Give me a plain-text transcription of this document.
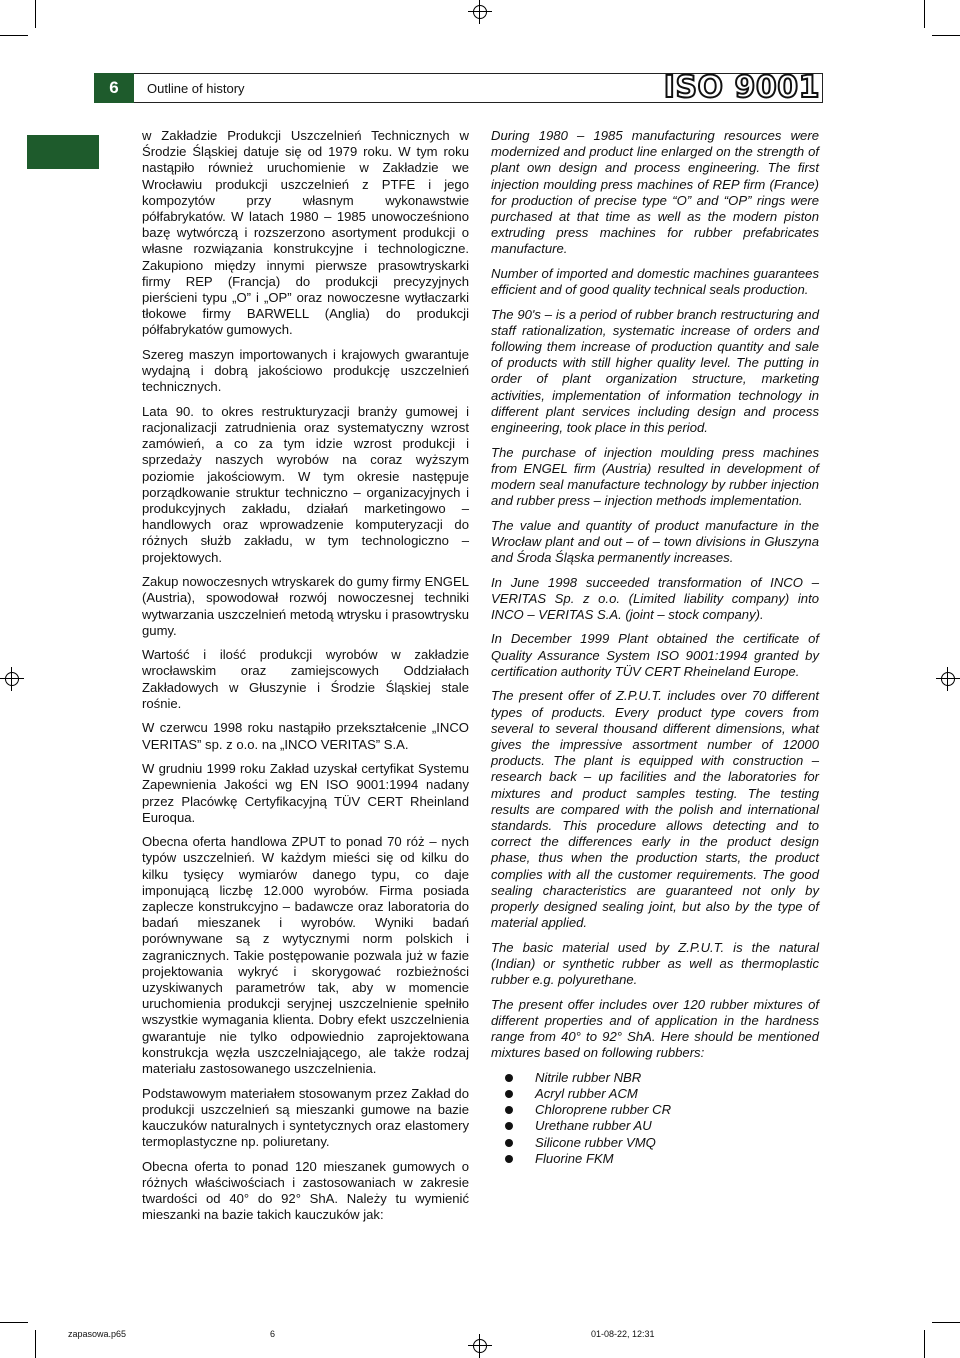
6	Outline of history	ISO 9001

w Zakładzie Produkcji Uszczelnień Technicznych w Środzie Śląskiej datuje się od 1979 roku. W tym roku nastąpiło również uruchomienie w Zakładzie we Wrocławiu produkcji uszczelnień z PTFE i jego kompozytów przy własnym wykonawstwie półfabrykatów. W latach 1980 – 1985 unowocześniono bazę wytwórczą i rozszerzono asortyment produkcji o własne rozwiązania konstrukcyjne i technologiczne. Zakupiono między innymi pierwsze prasowtryskarki firmy REP (Francja) do produkcji precyzyjnych pierścieni typu „O” i „OP” oraz nowoczesne wytłaczarki tłokowe firmy BARWELL (Anglia) do produkcji półfabrykatów gumowych.

Szereg maszyn importowanych i krajowych gwarantuje wydajną i dobrą jakościowo produkcję uszczelnień technicznych.

Lata 90. to okres restrukturyzacji branży gumowej i racjonalizacji zatrudnienia oraz systematyczny wzrost zamówień, a co za tym idzie wzrost produkcji i sprzedaży naszych wyrobów na coraz wyższym poziomie jakościowym. W tym okresie następuje porządkowanie struktur techniczno – organizacyjnych i produkcyjnych zakładu, działań marketingowo – handlowych oraz wprowadzenie komputeryzacji do różnych służb zakładu, w tym technologiczno – projektowych.

Zakup nowoczesnych wtryskarek do gumy firmy ENGEL (Austria), spowodował rozwój nowoczesnej techniki wytwarzania uszczelnień metodą wtrysku i prasowtrysku gumy.

Wartość i ilość produkcji wyrobów w zakładzie wrocławskim oraz zamiejscowych Oddziałach Zakładowych w Głuszynie i Środzie Śląskiej stale rośnie.

W czerwcu 1998 roku nastąpiło przekształcenie „INCO VERITAS” sp. z o.o. na „INCO VERITAS” S.A.

W grudniu 1999 roku Zakład uzyskał certyfikat Systemu Zapewnienia Jakości wg EN ISO 9001:1994 nadany przez Placówkę Certyfikacyjną TÜV CERT Rheinland Euroqua.

Obecna oferta handlowa ZPUT to ponad 70 róż – nych typów uszczelnień. W każdym mieści się od kilku do kilku tysięcy wymiarów danego typu, co daje imponującą liczbę 12.000 wyrobów. Firma posiada zaplecze konstrukcyjno – badawcze oraz laboratoria do badań mieszanek i wyrobów. Wyniki badań porównywane są z wytycznymi norm polskich i zagranicznych. Takie postępowanie pozwala już w fazie projektowania wykryć i skorygować rozbieżności uzyskiwanych parametrów tak, aby w momencie uruchomienia produkcji seryjnej uszczelnienie spełniło wszystkie wymagania klienta. Dobry efekt uszczelnienia gwarantuje nie tylko odpowiednio zaprojektowana konstrukcja węzła uszczelniającego, ale także rodzaj materiału zastosowanego uszczelnienia.

Podstawowym materiałem stosowanym przez Zakład do produkcji uszczelnień są mieszanki gumowe na bazie kauczuków naturalnych i syntetycznych oraz elastomery termoplastyczne np. poliuretany.

Obecna oferta to ponad 120 mieszanek gumowych o różnych właściwościach i zastosowaniach w zakresie twardości od 40° do 92° ShA. Należy tu wymienić mieszanki na bazie takich kauczuków jak:

During 1980 – 1985 manufacturing resources were modernized and product line enlarged on the strength of plant own design and process engineering. The first injection moulding press machines of REP firm (France) for production of precise type “O” and “OP” rings were purchased at that time as well as the modern piston extruding press machines for rubber prefabricates manufacture.

Number of imported and domestic machines guarantees efficient and of good quality technical seals production.

The 90's – is a period of rubber branch restructuring and staff rationalization, systematic increase of orders and following them increase of production quantity and sale of products with still higher quality level. The putting in order of plant organization structure, marketing activities, implementation of information technology in different plant services including design and process engineering, took place in this period.

The purchase of injection moulding press machines from ENGEL firm (Austria) resulted in development of modern seal manufacture technology by rubber injection and rubber press – injection methods implementation.

The value and quantity of product manufacture in the Wrocław plant and out – of – town divisions in Głuszyna and Środa Śląska permanently increases.

In June 1998 succeeded transformation of INCO – VERITAS Sp. z o.o. (Limited liability company) into INCO – VERITAS S.A. (joint – stock company).

In December 1999 Plant obtained the certificate of Quality Assurance System ISO 9001:1994 granted by certification authority TÜV CERT Rheineland Europe.

The present offer of Z.P.U.T. includes over 70 different types of products. Every product type covers from several to several thousand different dimensions, what gives the impressive assortment number of 12000 products. The plant is equipped with construction – research back – up facilities and the laboratories for mixtures and product samples testing. The testing results are compared with the polish and international standards. This procedure allows detecting and to correct the differences early in the product design phase, thus when the production starts, the product complies with all the customer requirements. The good sealing characteristics are guaranteed not only by properly designed sealing joint, but also by the type of material applied.

The basic material used by Z.P.U.T. is the natural (Indian) or synthetic rubber as well as thermoplastic rubber e.g. polyurethane.

The present offer includes over 120 rubber mixtures of different properties and of application in the hardness range from 40° to 92° ShA. Here should be mentioned mixtures based on following rubbers:

Nitrile rubber NBR
Acryl rubber ACM
Chloroprene rubber CR
Urethane rubber AU
Silicone rubber VMQ
Fluorine FKM
zapasowa.p65	6	01-08-22, 12:31
